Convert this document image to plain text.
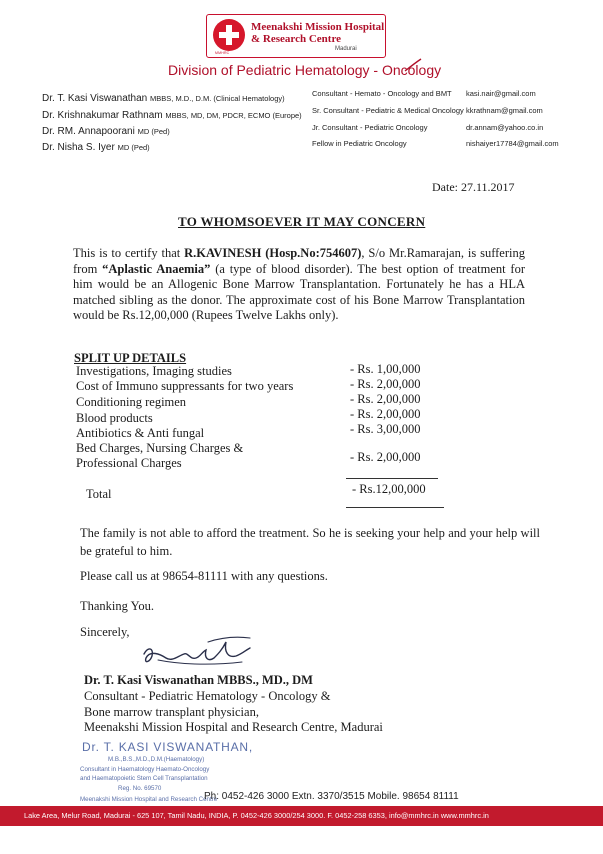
MMHRC
Meenakshi Mission Hospital
& Research Centre
Madurai
Division of Pediatric Hematology - Oncology
Dr. T. Kasi Viswanathan MBBS, M.D., D.M. (Clinical Hematology)
Dr. Krishnakumar Rathnam MBBS, MD, DM, PDCR, ECMO (Europe)
Dr. RM. Annapoorani MD (Ped)
Dr. Nisha S. Iyer MD (Ped)
Consultant - Hemato - Oncology and BMT
Sr. Consultant - Pediatric & Medical Oncology
Jr. Consultant - Pediatric Oncology
Fellow in Pediatric Oncology
kasi.nair@gmail.com
kkrathnam@gmail.com
dr.annam@yahoo.co.in
nishaiyer17784@gmail.com
Date: 27.11.2017
TO WHOMSOEVER IT MAY CONCERN
This is to certify that R.KAVINESH (Hosp.No:754607), S/o Mr.Ramarajan, is suffering from “Aplastic Anaemia” (a type of blood disorder). The best option of treatment for him would be an Allogenic Bone Marrow Transplantation. Fortunately he has a HLA matched sibling as the donor. The approximate cost of his Bone Marrow Transplantation would be Rs.12,00,000 (Rupees Twelve Lakhs only).
SPLIT UP DETAILS
Investigations, Imaging studies
Cost of Immuno suppressants for two years
Conditioning regimen
Blood products
Antibiotics & Anti fungal
Bed Charges, Nursing Charges &
Professional Charges
- Rs. 1,00,000
- Rs. 2,00,000
- Rs. 2,00,000
- Rs. 2,00,000
- Rs. 3,00,000
- Rs. 2,00,000
Total	- Rs.12,00,000
The family is not able to afford the treatment. So he is seeking your help and your help will be grateful to him.
Please call us at 98654-81111 with any questions.
Thanking You.
Sincerely,
Dr. T. Kasi Viswanathan MBBS., MD., DM
Consultant - Pediatric Hematology - Oncology &
Bone marrow transplant physician,
Meenakshi Mission Hospital and Research Centre, Madurai
Dr. T. KASI VISWANATHAN,
M.B.,B.S.,M.D.,D.M.(Haematology)
Consultant in Haematology Haemato-Oncology
and Haematopoietic Stem Cell Transplantation
Reg. No. 69570
Meenakshi Mission Hospital and Research Centre
Ph: 0452-426 3000 Extn. 3370/3515 Mobile. 98654 81111
Lake Area, Melur Road, Madurai - 625 107, Tamil Nadu, INDIA, P. 0452-426 3000/254 3000. F. 0452-258 6353, info@mmhrc.in www.mmhrc.in
